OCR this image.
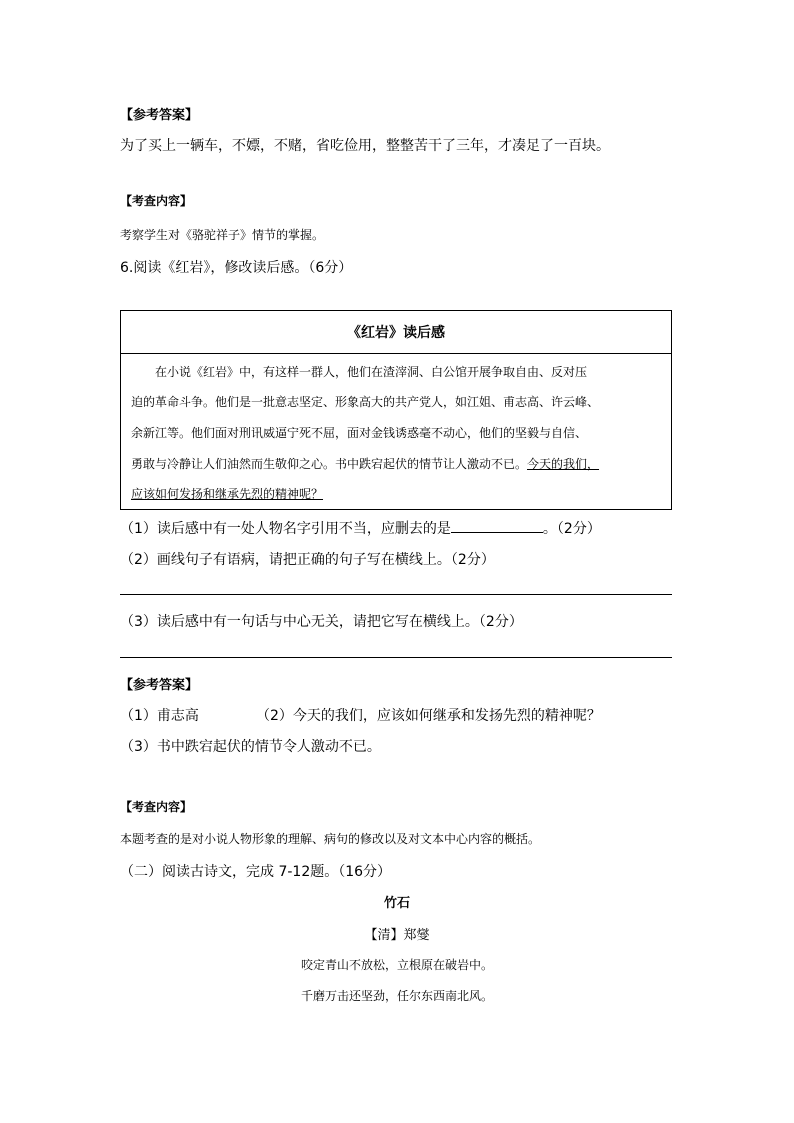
【参考答案】
为了买上一辆车，不嫖，不赌，省吃俭用，整整苦干了三年，才凑足了一百块。
【考查内容】
考察学生对《骆驼祥子》情节的掌握。
6.阅读《红岩》，修改读后感。（6分）
《红岩》读后感
在小说《红岩》中，有这样一群人，他们在渣滓洞、白公馆开展争取自由、反对压
迫的革命斗争。他们是一批意志坚定、形象高大的共产党人，如江姐、甫志高、许云峰、
余新江等。他们面对刑讯威逼宁死不屈，面对金钱诱惑毫不动心，他们的坚毅与自信、
勇敢与冷静让人们油然而生敬仰之心。书中跌宕起伏的情节让人激动不已。今天的我们，
应该如何发扬和继承先烈的精神呢？
（1）读后感中有一处人物名字引用不当，应删去的是	。（2分）
（2）画线句子有语病，请把正确的句子写在横线上。（2分）
（3）读后感中有一句话与中心无关，请把它写在横线上。（2分）
【参考答案】
（1）甫志高	（2）今天的我们，应该如何继承和发扬先烈的精神呢？
（3）书中跌宕起伏的情节令人激动不已。
【考查内容】
本题考查的是对小说人物形象的理解、病句的修改以及对文本中心内容的概括。
（二）阅读古诗文，完成 7-12题。（16分）
竹石
【清】郑燮
咬定青山不放松，立根原在破岩中。
千磨万击还坚劲，任尔东西南北风。
